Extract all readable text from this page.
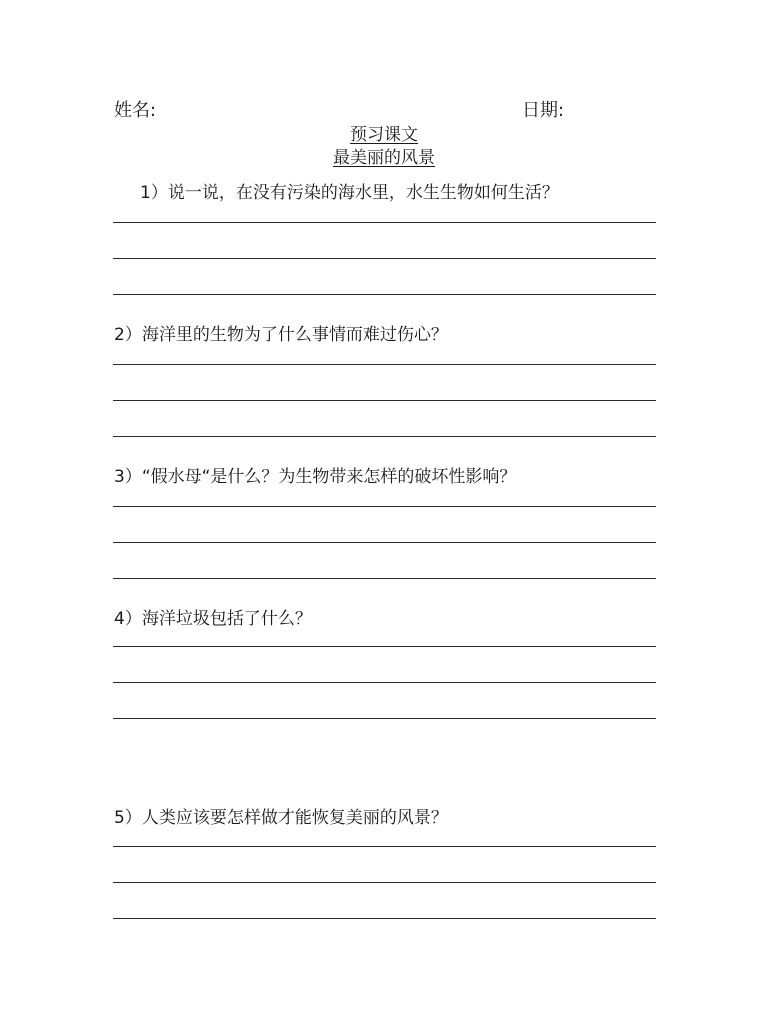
姓名:	日期:
预习课文
最美丽的风景
1）说一说，在没有污染的海水里，水生生物如何生活？
2）海洋里的生物为了什么事情而难过伤心？
3）“假水母“是什么？为生物带来怎样的破坏性影响？
4）海洋垃圾包括了什么？
5）人类应该要怎样做才能恢复美丽的风景？
